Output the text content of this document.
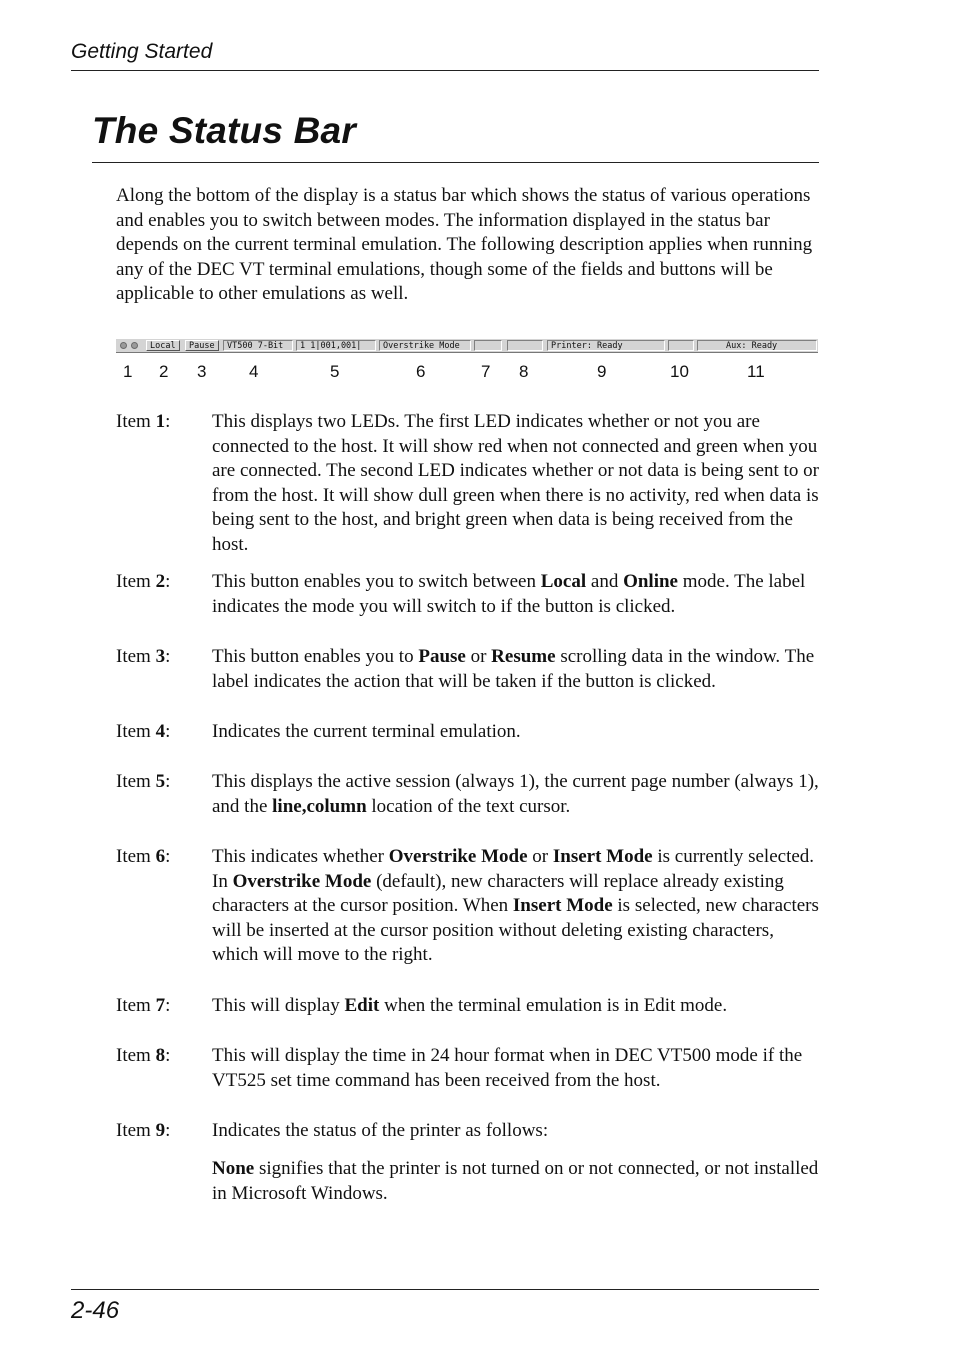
Getting Started
The Status Bar

Along the bottom of the display is a status bar which shows the status of various operations and enables you to switch between modes. The information displayed in the status bar depends on the current terminal emulation. The following description applies when running any of the DEC VT terminal emulations, though some of the fields and buttons will be applicable to other emulations as well.

Local	Pause	VT500 7-Bit	1 1|001,001|	Overstrike Mode	Printer: Ready	Aux: Ready
1 2 3	4	5	6	7 8	9	10	11
Item 1: This displays two LEDs. The first LED indicates whether or not you are connected to the host. It will show red when not connected and green when you are connected. The second LED indicates whether or not data is being sent to or from the host. It will show dull green when there is no activity, red when data is being sent to the host, and bright green when data is being received from the host.

Item 2: This button enables you to switch between Local and Online mode. The label indicates the mode you will switch to if the button is clicked.

Item 3: This button enables you to Pause or Resume scrolling data in the window. The label indicates the action that will be taken if the button is clicked.

Item 4: Indicates the current terminal emulation.

Item 5: This displays the active session (always 1), the current page number (always 1), and the line,column location of the text cursor.

Item 6: This indicates whether Overstrike Mode or Insert Mode is currently selected. In Overstrike Mode (default), new characters will replace already existing characters at the cursor position. When Insert Mode is selected, new characters will be inserted at the cursor position without deleting existing characters, which will move to the right.

Item 7: This will display Edit when the terminal emulation is in Edit mode.

Item 8: This will display the time in 24 hour format when in DEC VT500 mode if the VT525 set time command has been received from the host.

Item 9: Indicates the status of the printer as follows:

None signifies that the printer is not turned on or not connected, or not installed in Microsoft Windows.

2-46
